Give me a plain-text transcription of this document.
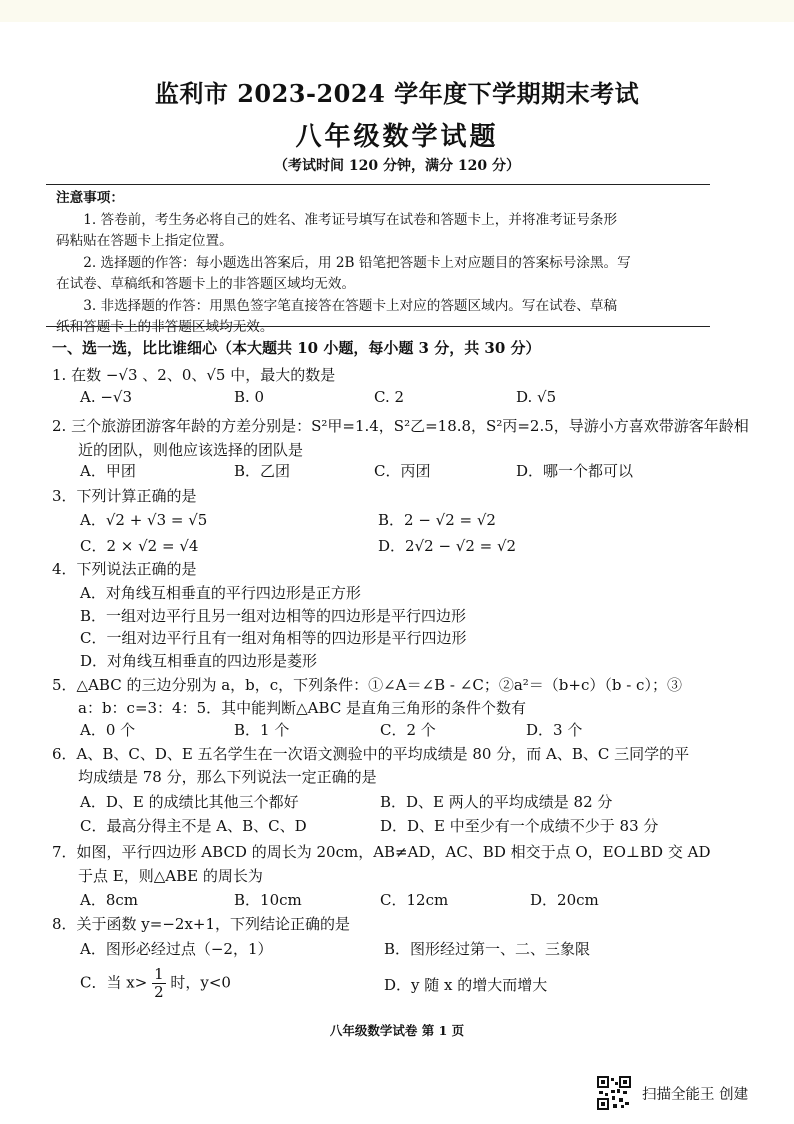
监利市 2023-2024 学年度下学期期末考试
八年级数学试题
（考试时间 120 分钟，满分 120 分）

注意事项：

1. 答卷前，考生务必将自己的姓名、准考证号填写在试卷和答题卡上，并将准考证号条形

码粘贴在答题卡上指定位置。

2. 选择题的作答：每小题选出答案后，用 2B 铅笔把答题卡上对应题目的答案标号涂黑。写

在试卷、草稿纸和答题卡上的非答题区域均无效。

3. 非选择题的作答：用黑色签字笔直接答在答题卡上对应的答题区域内。写在试卷、草稿

纸和答题卡上的非答题区域均无效。

一、选一选，比比谁细心（本大题共 10 小题，每小题 3 分，共 30 分）
1. 在数 −√3 、2、0、√5 中，最大的数是
A. −√3	B. 0	C. 2	D. √5
2. 三个旅游团游客年龄的方差分别是：S²甲=1.4，S²乙=18.8，S²丙=2.5，导游小方喜欢带游客年龄相
近的团队，则他应该选择的团队是
A．甲团	B．乙团	C．丙团	D．哪一个都可以
3．下列计算正确的是
A．√2 + √3 = √5	B．2 − √2 = √2
C．2 × √2 = √4	D．2√2 − √2 = √2
4．下列说法正确的是
A．对角线互相垂直的平行四边形是正方形
B．一组对边平行且另一组对边相等的四边形是平行四边形
C．一组对边平行且有一组对角相等的四边形是平行四边形
D．对角线互相垂直的四边形是菱形
5．△ABC 的三边分别为 a，b，c，下列条件：①∠A＝∠B - ∠C；②a²＝（b+c）（b - c）；③
a：b：c=3：4：5．其中能判断△ABC 是直角三角形的条件个数有
A．0 个	B．1 个	C．2 个	D．3 个
6．A、B、C、D、E 五名学生在一次语文测验中的平均成绩是 80 分，而 A、B、C 三同学的平
均成绩是 78 分，那么下列说法一定正确的是
A．D、E 的成绩比其他三个都好	B．D、E 两人的平均成绩是 82 分
C．最高分得主不是 A、B、C、D	D．D、E 中至少有一个成绩不少于 83 分
7．如图，平行四边形 ABCD 的周长为 20cm，AB≠AD，AC、BD 相交于点 O，EO⊥BD 交 AD
于点 E，则△ABE 的周长为
A．8cm	B．10cm	C．12cm	D．20cm
8．关于函数 y=−2x+1，下列结论正确的是
A．图形必经过点（−2，1）	B．图形经过第一、二、三象限
C．当 $x> \frac{1}{2}$ 时，y<0	D．y 随 x 的增大而增大
八年级数学试卷 第 1 页
扫描全能王 创建
